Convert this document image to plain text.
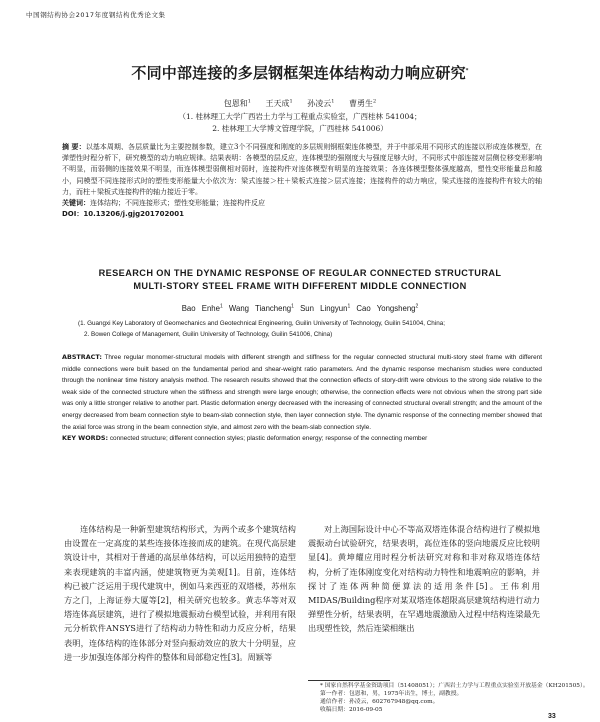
中国钢结构协会2017年度钢结构优秀论文集
不同中部连接的多层钢框架连体结构动力响应研究*
包恩和$^1$ 王天成$^1$ 孙凌云$^1$ 曹勇生$^2$
（1. 桂林理工大学广西岩土力学与工程重点实验室，广西桂林 541004；
2. 桂林理工大学博文管理学院，广西桂林 541006）
摘 要：以基本周期、各层质量比为主要控制参数，建立3个不同强度和刚度的多层规则钢框架连体模型，并于中部采用不同形式的连接以形成连体模型，在弹塑性时程分析下，研究模型的动力响应规律。结果表明：各模型的层反应，连体模型的强刚度大与强度足够大时，不同形式中部连接对层侧位移变形影响不明显，而弱侧的连接效果不明显，而连体模型弱侧相对弱时，连接构件对连体模型有明显的连接效果；各连体模型整体强度越高，塑性变形能量总和越小，同模型不同连接形式时的塑性变形能量大小依次为：梁式连接＞柱＋梁板式连接＞层式连接；连接构件的动力响应，梁式连接的连接构件有较大的轴力，而柱＋梁板式连接构件的轴力接近于零。
关键词：连体结构；不同连接形式；塑性变形能量；连接构件反应
DOI：10.13206/j.gjg201702001
RESEARCH ON THE DYNAMIC RESPONSE OF REGULAR CONNECTED STRUCTURAL
MULTI-STORY STEEL FRAME WITH DIFFERENT MIDDLE CONNECTION
Bao Enhe$^1$ Wang Tiancheng$^1$ Sun Lingyun$^1$ Cao Yongsheng$^2$
(1. Guangxi Key Laboratory of Geomechanics and Geotechnical Engineering, Guilin University of Technology, Guilin 541004, China;
2. Bowen College of Management, Guilin University of Technology, Guilin 541006, China)
ABSTRACT: Three regular monomer-structural models with different strength and stiffness for the regular connected structural multi-story steel frame with different middle connections were built based on the fundamental period and shear-weight ratio parameters. And the dynamic response mechanism studies were conducted through the nonlinear time history analysis method. The research results showed that the connection effects of story-drift were obvious to the strong side relative to the weak side of the connected structure when the stiffness and strength were large enough; otherwise, the connection effects were not obvious when the strong part side was only a little stronger relative to another part. Plastic deformation energy decreased with the increasing of connected structural overall strength; and the amount of the energy decreased from beam connection style to beam-slab connection style, then layer connection style. The dynamic response of the connecting member showed that the axial force was strong in the beam connection style, and almost zero with the beam-slab connection style.
KEY WORDS: connected structure; different connection styles; plastic deformation energy; response of the connecting member
连体结构是一种新型建筑结构形式，为两个或多个建筑结构由设置在一定高度的某些连接体连接而成的建筑。在现代高层建筑设计中，其相对于普通的高层单体结构，可以运用独特的造型来表现建筑的丰富内涵，使建筑物更为美观[1]。目前，连体结构已被广泛运用于现代建筑中，例如马来西亚的双塔楼，苏州东方之门，上海证券大厦等[2]，相关研究也较多。黄志华等对双塔连体高层建筑，进行了模拟地震振动台模型试验，并利用有限元分析软件ANSYS进行了结构动力特性和动力反应分析，结果表明，连体结构的连体部分对竖向振动效应的放大十分明显，应进一步加强连体部分构件的整体和局部稳定性[3]。周颖等
对上海国际设计中心不等高双塔连体混合结构进行了模拟地震振动台试验研究，结果表明，高位连体的竖向地震反应比较明显[4]。黄坤耀应用时程分析法研究对称和非对称双塔连体结构，分析了连体刚度变化对结构动力特性和地震响应的影响，并探讨了连体两种简便算法的适用条件[5]。王伟利用MIDAS/Building程序对某双塔连体超限高层建筑结构进行动力弹塑性分析，结果表明，在罕遇地震激励入过程中结构连梁最先出现塑性铰，然后连梁相继出
* 国家自然科学基金资助项目（51408051）；广西岩土力学与工程重点实验室开放基金（KH201505）。
第一作者：包恩和，男，1975年出生，博士，副教授。
通信作者：孙凌云，602767948@qq.com。
收稿日期：2016-09-05
33
